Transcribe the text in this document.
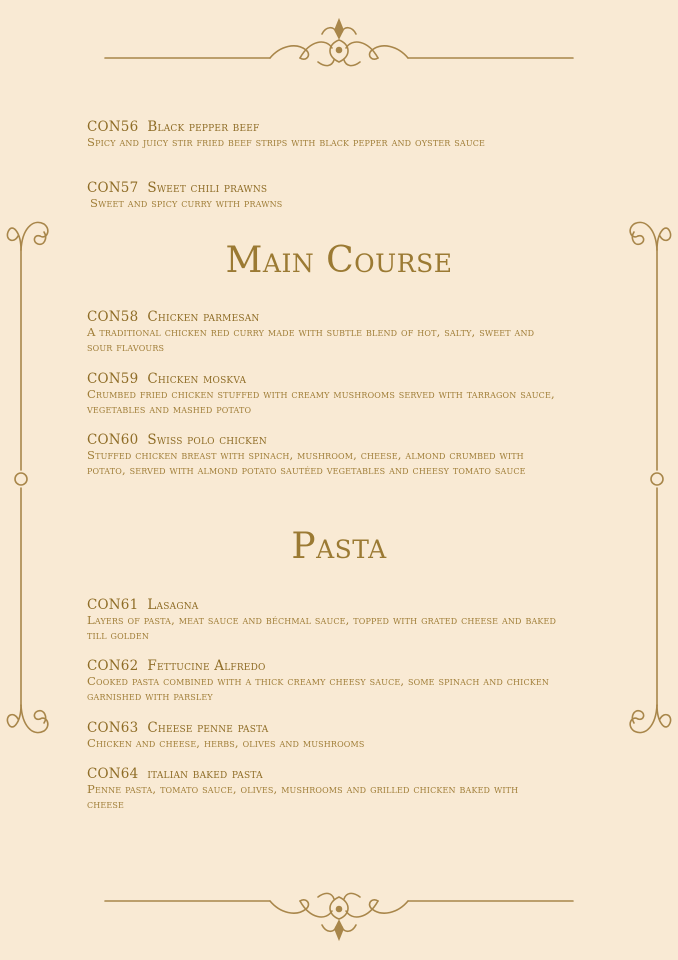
CON56 Black pepper beef
Spicy and juicy stir fried beef strips with black pepper and oyster sauce
CON57 Sweet chili prawns
Sweet and spicy curry with prawns
Main Course
CON58 Chicken parmesan
A traditional chicken red curry made with subtle blend of hot, salty, sweet and sour flavours
CON59 Chicken moskva
Crumbed fried chicken stuffed with creamy mushrooms served with tarragon sauce, vegetables and mashed potato
CON60 Swiss polo chicken
Stuffed chicken breast with spinach, mushroom, cheese, almond crumbed with potato, served with almond potato sautéed vegetables and cheesy tomato sauce
Pasta
CON61 Lasagna
Layers of pasta, meat sauce and béchmal sauce, topped with grated cheese and baked till golden
CON62 Fettucine Alfredo
Cooked pasta combined with a thick creamy cheesy sauce, some spinach and chicken garnished with parsley
CON63 Cheese penne pasta
Chicken and cheese, herbs, olives and mushrooms
CON64 italian baked pasta
Penne pasta, tomato sauce, olives, mushrooms and grilled chicken baked with cheese
